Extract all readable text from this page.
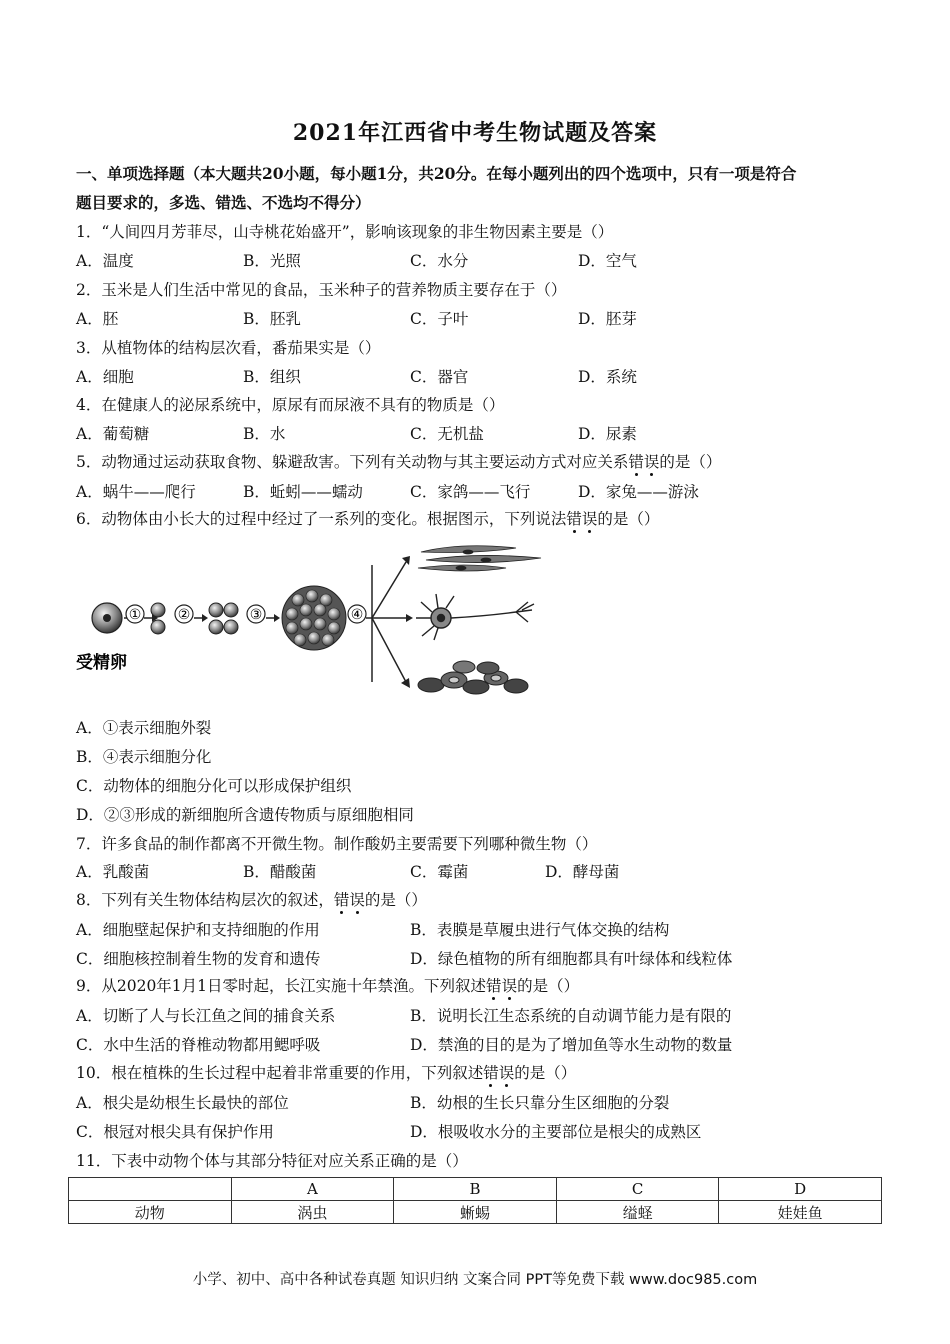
2021年江西省中考生物试题及答案
一、单项选择题（本大题共20小题，每小题1分，共20分。在每小题列出的四个选项中，只有一项是符合
题目要求的，多选、错选、不选均不得分）
1．“人间四月芳菲尽，山寺桃花始盛开”，影响该现象的非生物因素主要是（）
A．温度	B．光照	C．水分	D．空气
2．玉米是人们生活中常见的食品，玉米种子的营养物质主要存在于（）
A．胚	B．胚乳	C．子叶	D．胚芽
3．从植物体的结构层次看，番茄果实是（）
A．细胞	B．组织	C．器官	D．系统
4．在健康人的泌尿系统中，原尿有而尿液不具有的物质是（）
A．葡萄糖	B．水	C．无机盐	D．尿素
5．动物通过运动获取食物、躲避敌害。下列有关动物与其主要运动方式对应关系错误的是（）
A．蜗牛——爬行	B．蚯蚓——蠕动	C．家鸽——飞行	D．家兔——游泳
6．动物体由小长大的过程中经过了一系列的变化。根据图示，下列说法错误的是（）
①	②	③	④
受精卵
A．①表示细胞外裂
B．④表示细胞分化
C．动物体的细胞分化可以形成保护组织
D．②③形成的新细胞所含遗传物质与原细胞相同
7．许多食品的制作都离不开微生物。制作酸奶主要需要下列哪种微生物（）
A．乳酸菌	B．醋酸菌	C．霉菌	D．酵母菌
8．下列有关生物体结构层次的叙述，错误的是（）
A．细胞壁起保护和支持细胞的作用	B．表膜是草履虫进行气体交换的结构
C．细胞核控制着生物的发育和遗传	D．绿色植物的所有细胞都具有叶绿体和线粒体
9．从2020年1月1日零时起，长江实施十年禁渔。下列叙述错误的是（）
A．切断了人与长江鱼之间的捕食关系	B．说明长江生态系统的自动调节能力是有限的
C．水中生活的脊椎动物都用鳃呼吸	D．禁渔的目的是为了增加鱼等水生动物的数量
10．根在植株的生长过程中起着非常重要的作用，下列叙述错误的是（）
A．根尖是幼根生长最快的部位	B．幼根的生长只靠分生区细胞的分裂
C．根冠对根尖具有保护作用	D．根吸收水分的主要部位是根尖的成熟区
11．下表中动物个体与其部分特征对应关系正确的是（）
	A	B	C	D
动物	涡虫	蜥蜴	缢蛏	娃娃鱼
小学、初中、高中各种试卷真题 知识归纳 文案合同 PPT等免费下载 www.doc985.com
